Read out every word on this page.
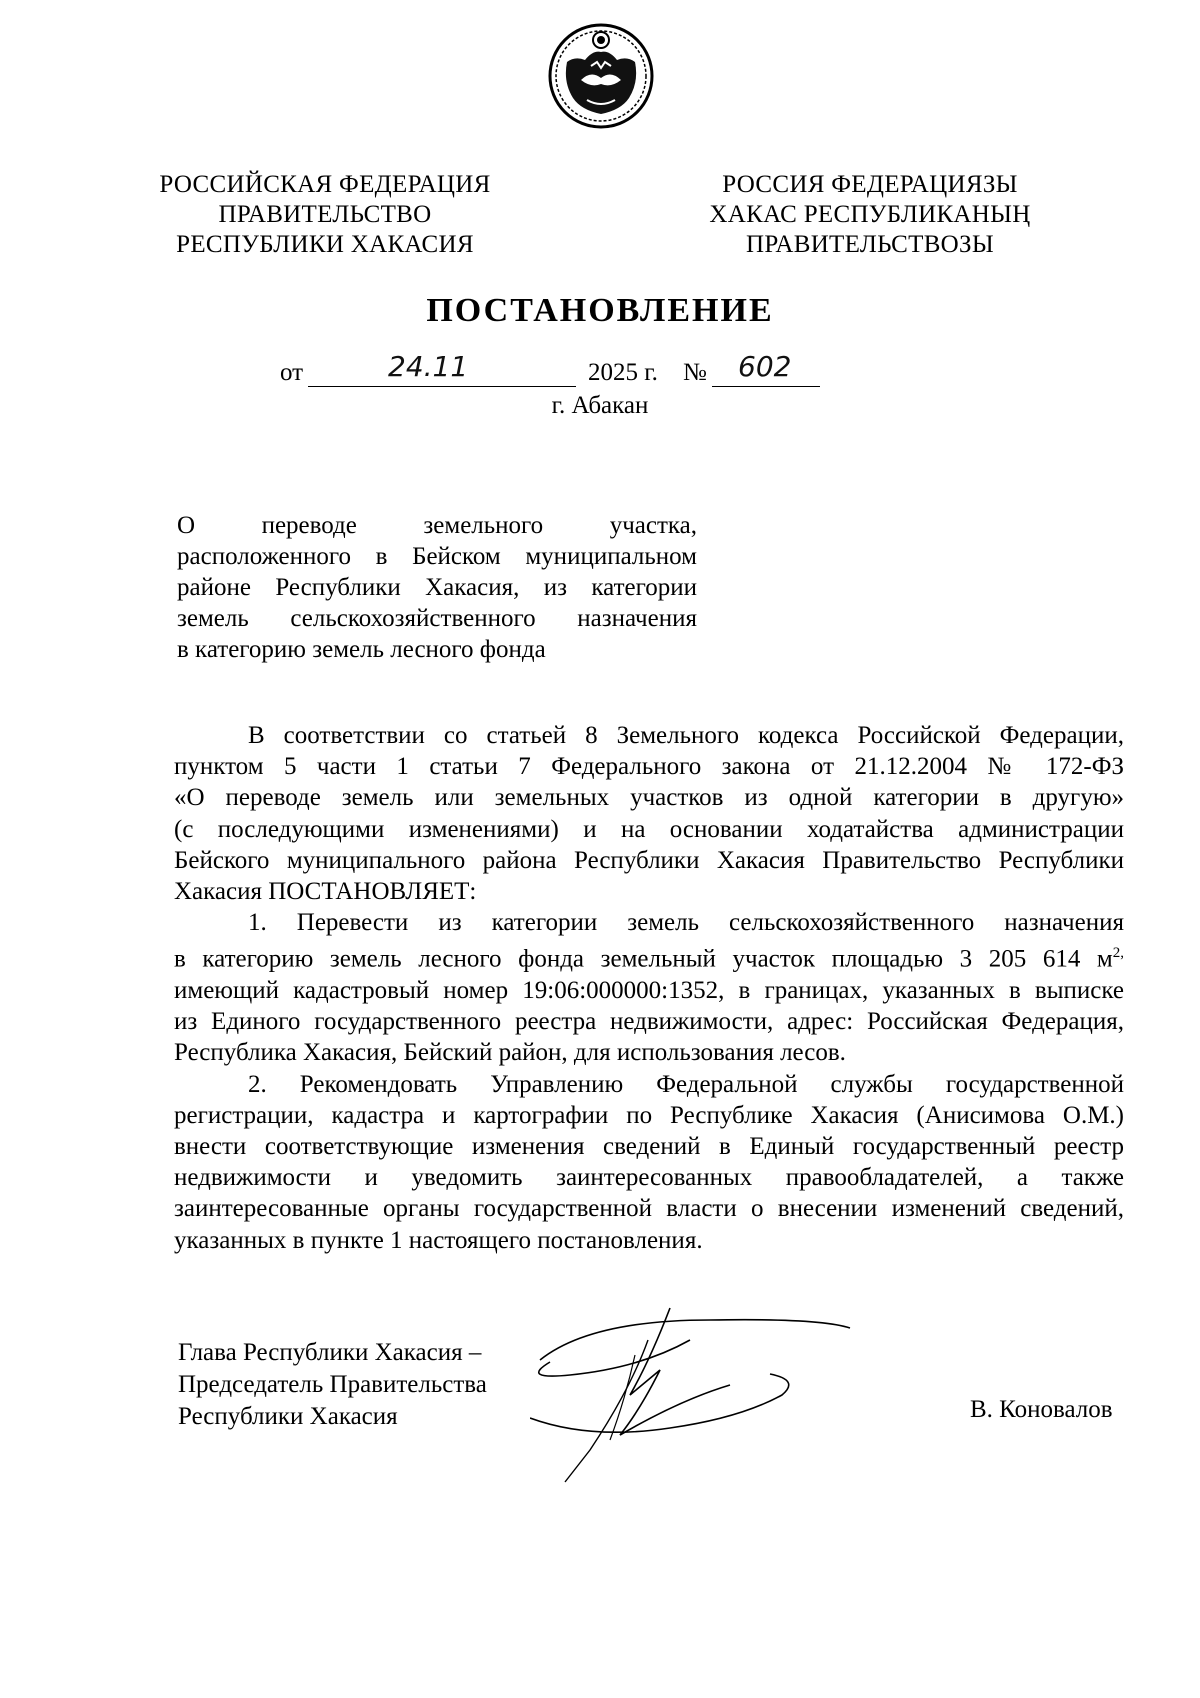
РОССИЙСКАЯ ФЕДЕРАЦИЯ
ПРАВИТЕЛЬСТВО
РЕСПУБЛИКИ ХАКАСИЯ
РОССИЯ ФЕДЕРАЦИЯЗЫ
ХАКАС РЕСПУБЛИКАНЫҢ
ПРАВИТЕЛЬСТВОЗЫ
ПОСТАНОВЛЕНИЕ
от	24.11	2025 г. № 602
г. Абакан
О переводе земельного участка,
расположенного в Бейском муниципальном
районе Республики Хакасия, из категории
земель сельскохозяйственного назначения
в категорию земель лесного фонда
В соответствии со статьей 8 Земельного кодекса Российской Федерации,
пунктом 5 части 1 статьи 7 Федерального закона от 21.12.2004 № 172-ФЗ
«О переводе земель или земельных участков из одной категории в другую»
(с последующими изменениями) и на основании ходатайства администрации
Бейского муниципального района Республики Хакасия Правительство Республики
Хакасия ПОСТАНОВЛЯЕТ:
1. Перевести из категории земель сельскохозяйственного назначения
в категорию земель лесного фонда земельный участок площадью 3 205 614 $м^{2,}$
имеющий кадастровый номер 19:06:000000:1352, в границах, указанных в выписке
из Единого государственного реестра недвижимости, адрес: Российская Федерация,
Республика Хакасия, Бейский район, для использования лесов.
2. Рекомендовать Управлению Федеральной службы государственной
регистрации, кадастра и картографии по Республике Хакасия (Анисимова О.М.)
внести соответствующие изменения сведений в Единый государственный реестр
недвижимости и уведомить заинтересованных правообладателей, а также
заинтересованные органы государственной власти о внесении изменений сведений,
указанных в пункте 1 настоящего постановления.
Глава Республики Хакасия –
Председатель Правительства
Республики Хакасия	В. Коновалов
